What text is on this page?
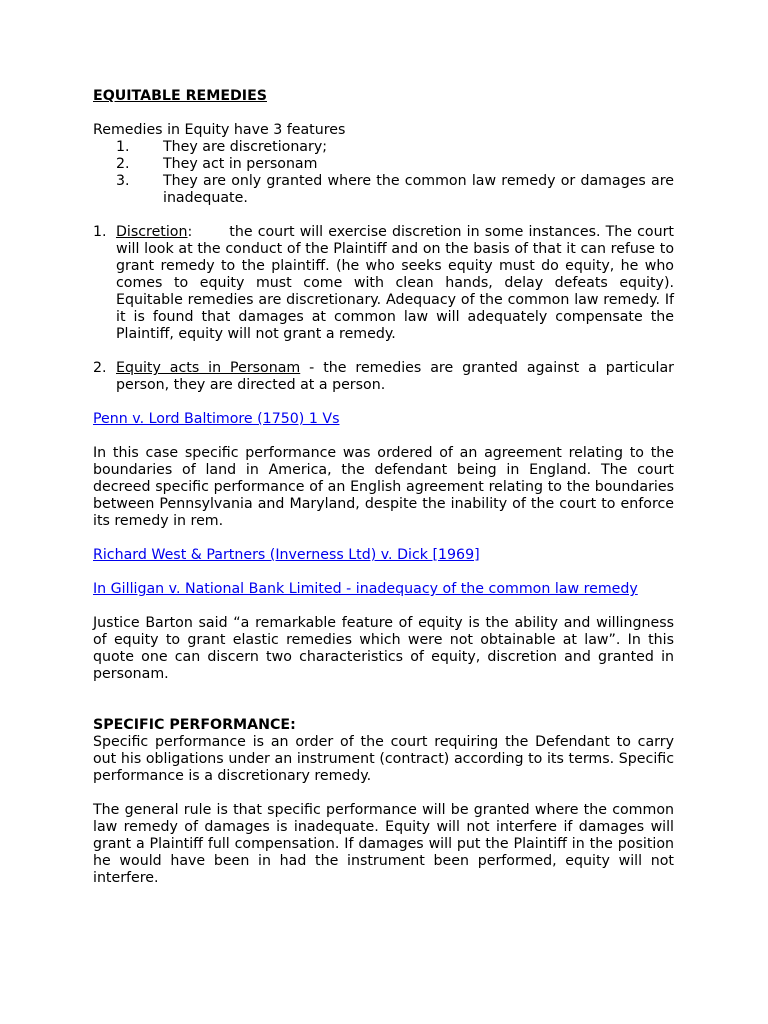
EQUITABLE REMEDIES

Remedies in Equity have 3 features

1.	They are discretionary;
2.	They act in personam
3.	They are only granted where the common law remedy or damages are inadequate.
1. Discretion:	the court will exercise discretion in some instances. The court will look at the conduct of the Plaintiff and on the basis of that it can refuse to grant remedy to the plaintiff. (he who seeks equity must do equity, he who comes to equity must come with clean hands, delay defeats equity). Equitable remedies are discretionary. Adequacy of the common law remedy. If it is found that damages at common law will adequately compensate the Plaintiff, equity will not grant a remedy.

2. Equity acts in Personam - the remedies are granted against a particular person, they are directed at a person.

Penn v. Lord Baltimore (1750) 1 Vs

In this case specific performance was ordered of an agreement relating to the boundaries of land in America, the defendant being in England. The court decreed specific performance of an English agreement relating to the boundaries between Pennsylvania and Maryland, despite the inability of the court to enforce its remedy in rem.

Richard West & Partners (Inverness Ltd) v. Dick [1969]

In Gilligan v. National Bank Limited - inadequacy of the common law remedy

Justice Barton said “a remarkable feature of equity is the ability and willingness of equity to grant elastic remedies which were not obtainable at law”. In this quote one can discern two characteristics of equity, discretion and granted in personam.

SPECIFIC PERFORMANCE:

Specific performance is an order of the court requiring the Defendant to carry out his obligations under an instrument (contract) according to its terms. Specific performance is a discretionary remedy.

The general rule is that specific performance will be granted where the common law remedy of damages is inadequate. Equity will not interfere if damages will grant a Plaintiff full compensation. If damages will put the Plaintiff in the position he would have been in had the instrument been performed, equity will not interfere.
